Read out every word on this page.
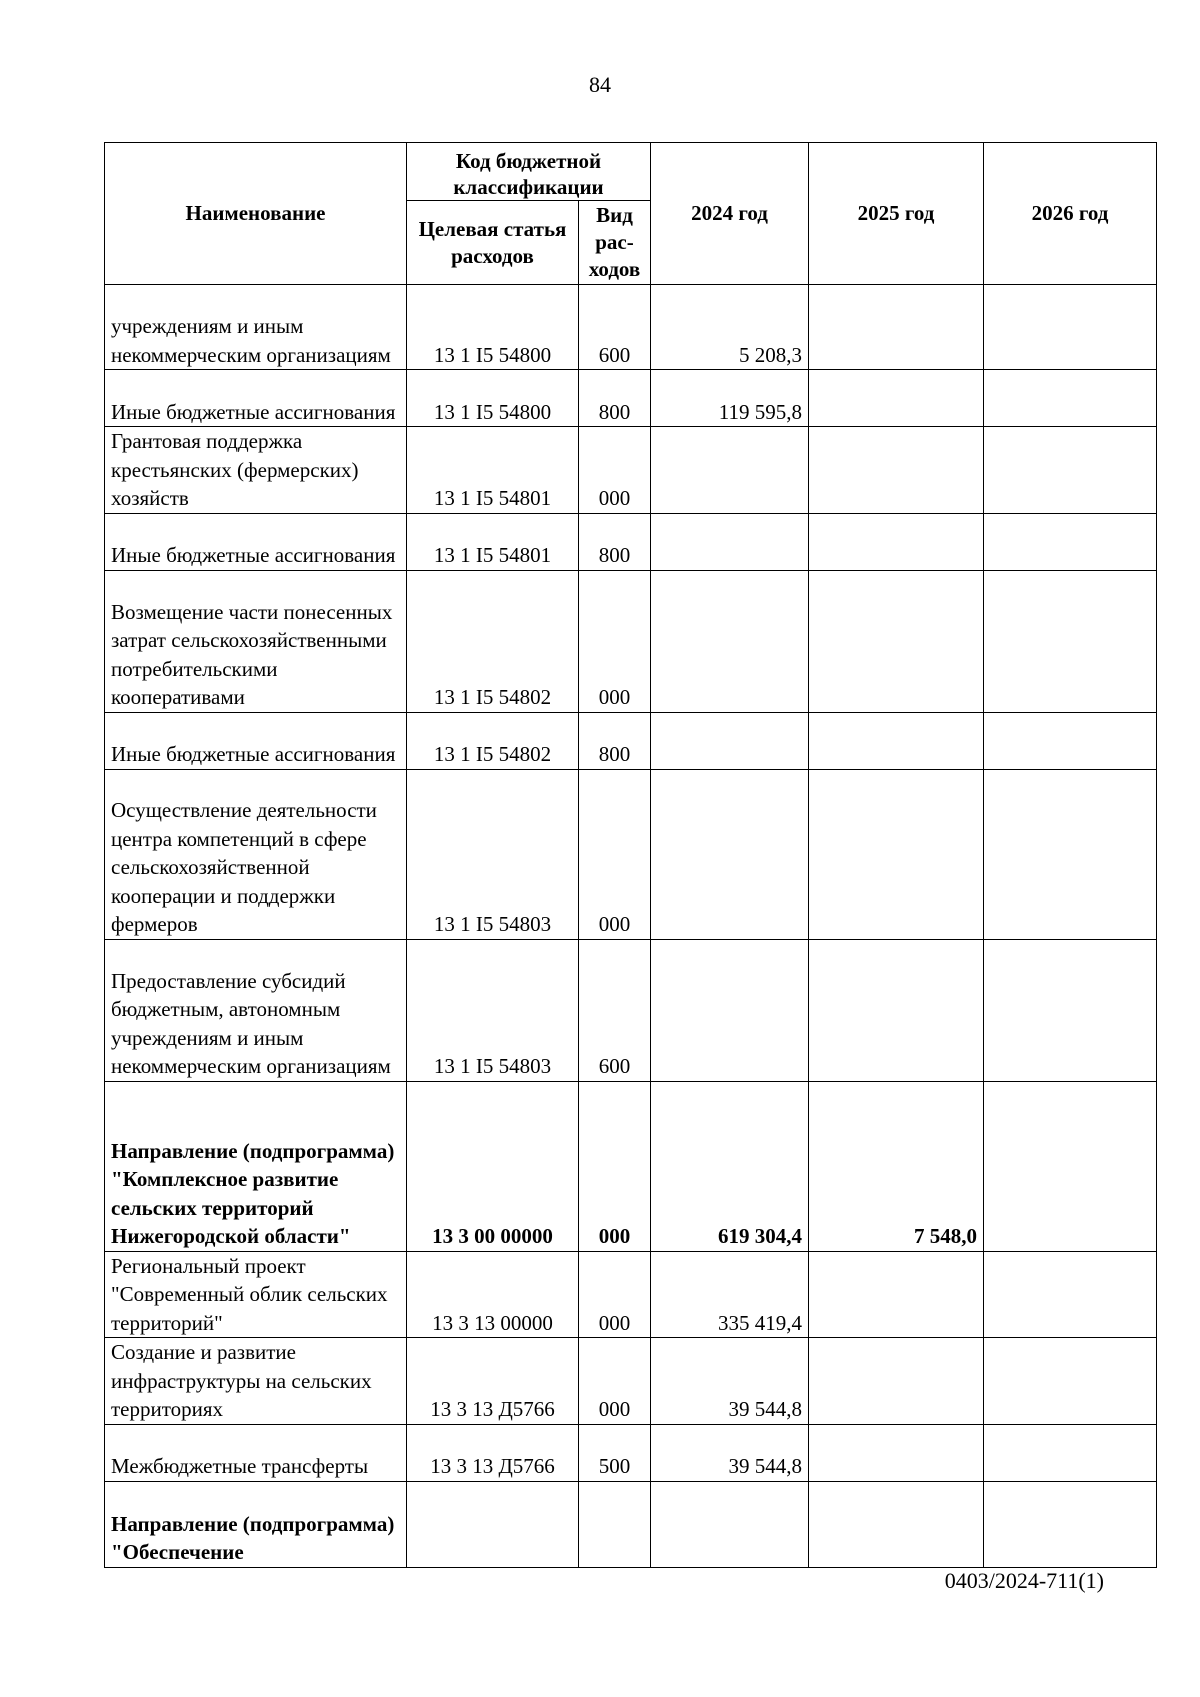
84
Наименование	Код бюджетной классификации		2024 год	2025 год	2026 год
	Целевая статья расходов	Вид рас-ходов			
учреждениям и иным некоммерческим организациям	13 1 I5 54800	600	5 208,3		
Иные бюджетные ассигнования	13 1 I5 54800	800	119 595,8		
Грантовая поддержка крестьянских (фермерских) хозяйств	13 1 I5 54801	000			
Иные бюджетные ассигнования	13 1 I5 54801	800			
Возмещение части понесенных затрат сельскохозяйственными потребительскими кооперативами	13 1 I5 54802	000			
Иные бюджетные ассигнования	13 1 I5 54802	800			
Осуществление деятельности центра компетенций в сфере сельскохозяйственной кооперации и поддержки фермеров	13 1 I5 54803	000			
Предоставление субсидий бюджетным, автономным учреждениям и иным некоммерческим организациям	13 1 I5 54803	600			
Направление (подпрограмма) "Комплексное развитие сельских территорий Нижегородской области"	13 3 00 00000	000	619 304,4	7 548,0	
Региональный проект "Современный облик сельских территорий"	13 3 13 00000	000	335 419,4		
Создание и развитие инфраструктуры на сельских территориях	13 3 13 Д5766	000	39 544,8		
Межбюджетные трансферты	13 3 13 Д5766	500	39 544,8		
Направление (подпрограмма) "Обеспечение					
0403/2024-711(1)
